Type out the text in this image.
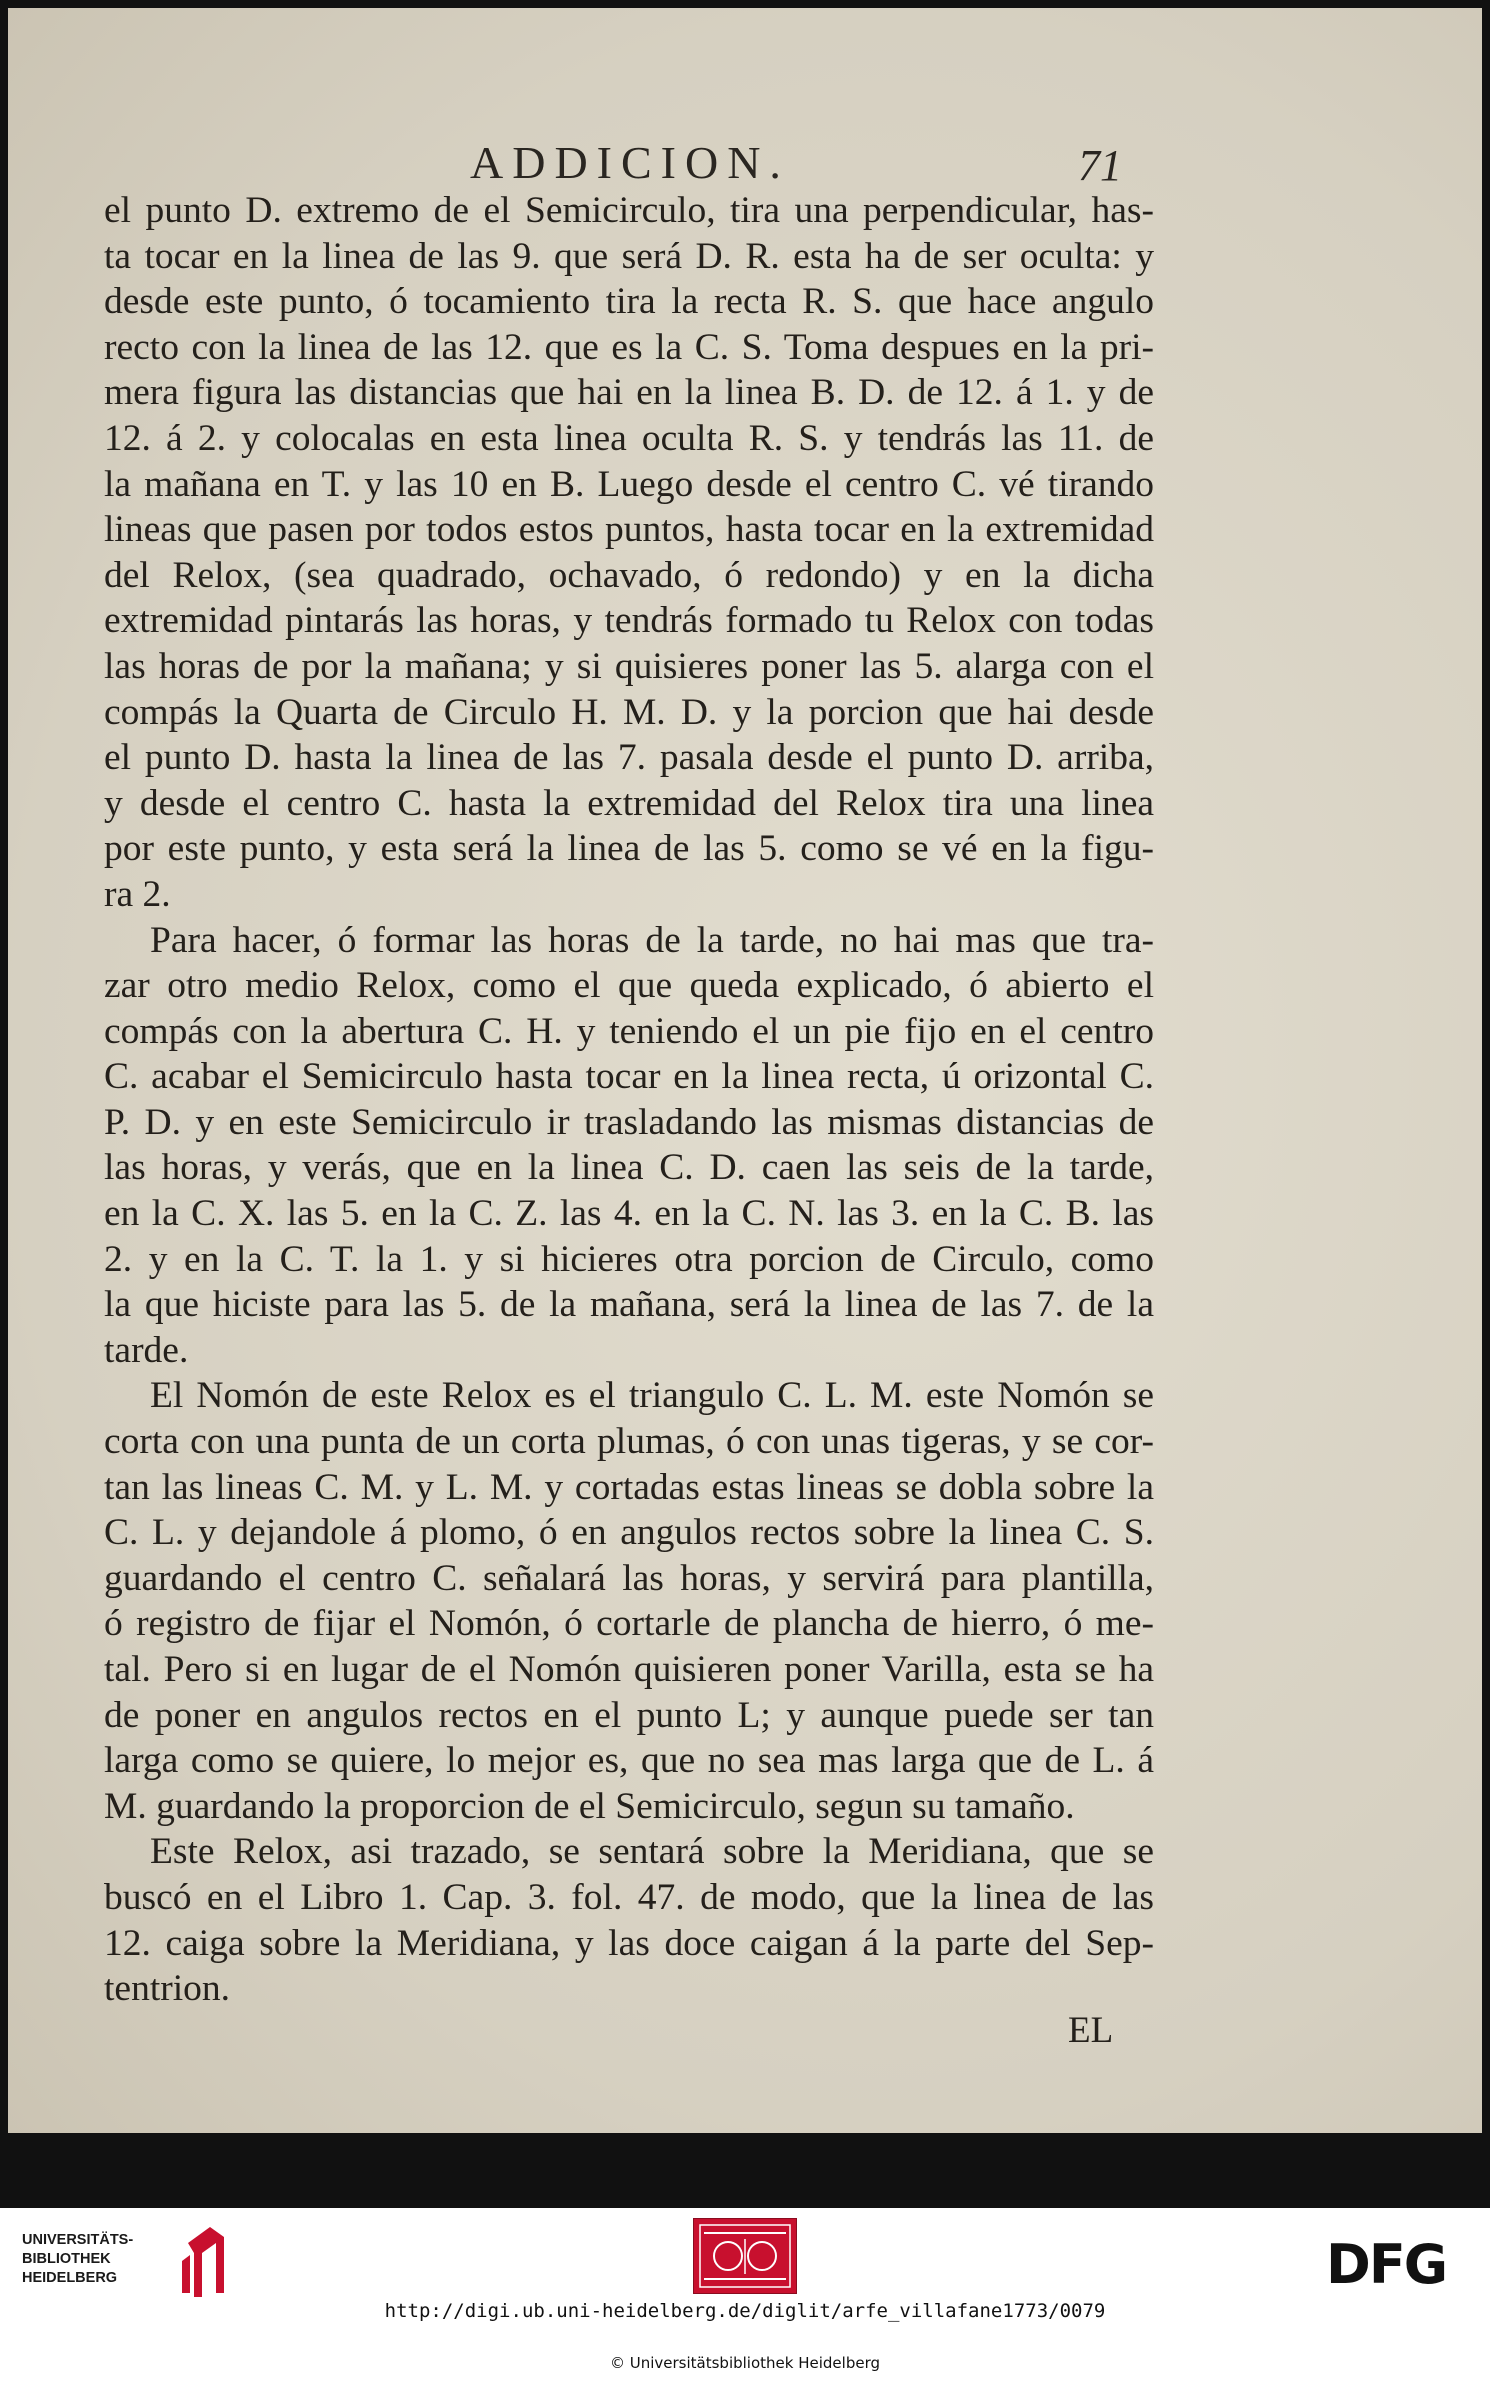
ADDICION.	71
el punto D. extremo de el Semicirculo, tira una perpendicular, has-
ta tocar en la linea de las 9. que será D. R. esta ha de ser oculta: y
desde este punto, ó tocamiento tira la recta R. S. que hace angulo
recto con la linea de las 12. que es la C. S. Toma despues en la pri-
mera figura las distancias que hai en la linea B. D. de 12. á 1. y de
12. á 2. y colocalas en esta linea oculta R. S. y tendrás las 11. de
la mañana en T. y las 10 en B. Luego desde el centro C. vé tirando
lineas que pasen por todos estos puntos, hasta tocar en la extremidad
del Relox, (sea quadrado, ochavado, ó redondo) y en la dicha
extremidad pintarás las horas, y tendrás formado tu Relox con todas
las horas de por la mañana; y si quisieres poner las 5. alarga con el
compás la Quarta de Circulo H. M. D. y la porcion que hai desde
el punto D. hasta la linea de las 7. pasala desde el punto D. arriba,
y desde el centro C. hasta la extremidad del Relox tira una linea
por este punto, y esta será la linea de las 5. como se vé en la figu-
ra 2.
Para hacer, ó formar las horas de la tarde, no hai mas que tra-
zar otro medio Relox, como el que queda explicado, ó abierto el
compás con la abertura C. H. y teniendo el un pie fijo en el centro
C. acabar el Semicirculo hasta tocar en la linea recta, ú orizontal C.
P. D. y en este Semicirculo ir trasladando las mismas distancias de
las horas, y verás, que en la linea C. D. caen las seis de la tarde,
en la C. X. las 5. en la C. Z. las 4. en la C. N. las 3. en la C. B. las
2. y en la C. T. la 1. y si hicieres otra porcion de Circulo, como
la que hiciste para las 5. de la mañana, será la linea de las 7. de la
tarde.
El Nomón de este Relox es el triangulo C. L. M. este Nomón se
corta con una punta de un corta plumas, ó con unas tigeras, y se cor-
tan las lineas C. M. y L. M. y cortadas estas lineas se dobla sobre la
C. L. y dejandole á plomo, ó en angulos rectos sobre la linea C. S.
guardando el centro C. señalará las horas, y servirá para plantilla,
ó registro de fijar el Nomón, ó cortarle de plancha de hierro, ó me-
tal. Pero si en lugar de el Nomón quisieren poner Varilla, esta se ha
de poner en angulos rectos en el punto L; y aunque puede ser tan
larga como se quiere, lo mejor es, que no sea mas larga que de L. á
M. guardando la proporcion de el Semicirculo, segun su tamaño.
Este Relox, asi trazado, se sentará sobre la Meridiana, que se
buscó en el Libro 1. Cap. 3. fol. 47. de modo, que la linea de las
12. caiga sobre la Meridiana, y las doce caigan á la parte del Sep-
tentrion.
EL
UNIVERSITÄTS-
BIBLIOTHEK
HEIDELBERG	DFG
http://digi.ub.uni-heidelberg.de/diglit/arfe_villafane1773/0079
© Universitätsbibliothek Heidelberg
